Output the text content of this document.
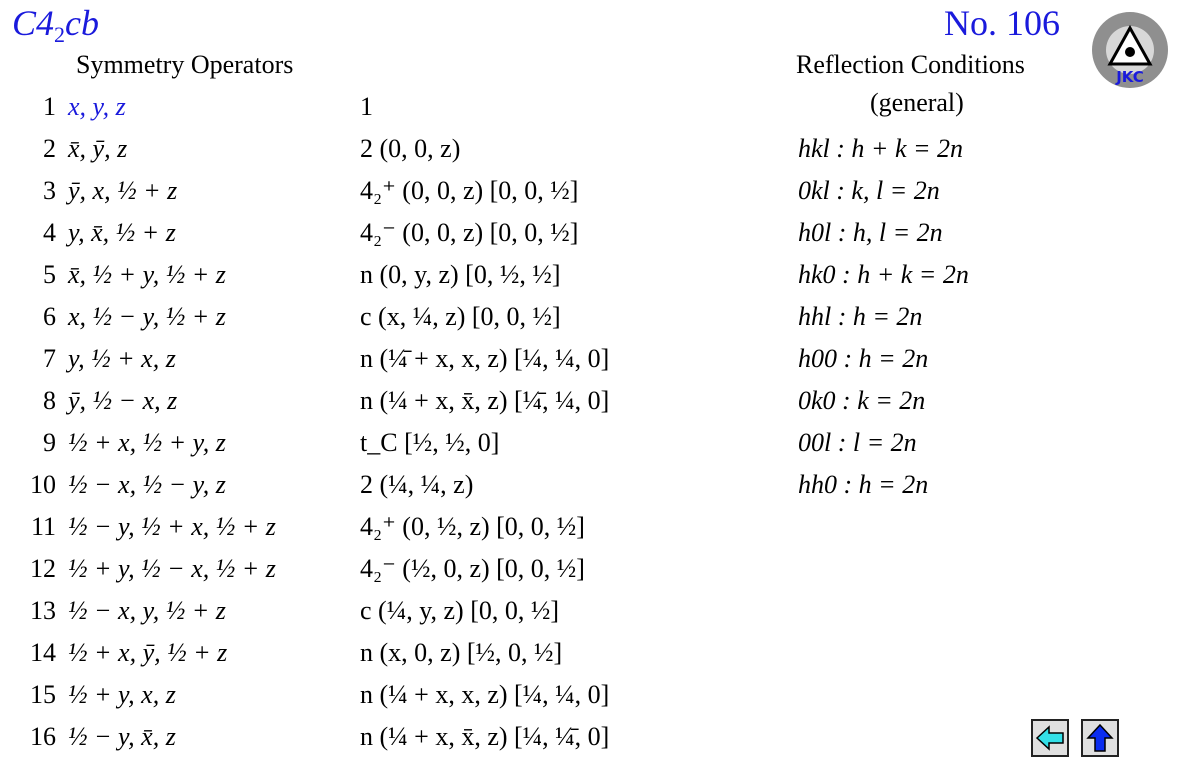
$C4_2cb$	No. 106
JKC
Symmetry Operators	Reflection Conditions
(general)
1 x, y, z	1
2 x̄, ȳ, z	2 (0, 0, z)
3 ȳ, x, ½ + z	4₂⁺ (0, 0, z) [0, 0, ½]
4 y, x̄, ½ + z	4₂⁻ (0, 0, z) [0, 0, ½]
5 x̄, ½ + y, ½ + z	n (0, y, z) [0, ½, ½]
6 x, ½ − y, ½ + z	c (x, ¼, z) [0, 0, ½]
7 y, ½ + x, z	n (¼̄ + x, x, z) [¼, ¼, 0]
8 ȳ, ½ − x, z	n (¼ + x, x̄, z) [¼̄, ¼, 0]
9 ½ + x, ½ + y, z	t_C [½, ½, 0]
10 ½ − x, ½ − y, z	2 (¼, ¼, z)
11 ½ − y, ½ + x, ½ + z	4₂⁺ (0, ½, z) [0, 0, ½]
12 ½ + y, ½ − x, ½ + z	4₂⁻ (½, 0, z) [0, 0, ½]
13 ½ − x, y, ½ + z	c (¼, y, z) [0, 0, ½]
14 ½ + x, ȳ, ½ + z	n (x, 0, z) [½, 0, ½]
15 ½ + y, x, z	n (¼ + x, x, z) [¼, ¼, 0]
16 ½ − y, x̄, z	n (¼ + x, x̄, z) [¼, ¼̄, 0]
hkl : h + k = 2n
0kl : k, l = 2n
h0l : h, l = 2n
hk0 : h + k = 2n
hhl : h = 2n
h00 : h = 2n
0k0 : k = 2n
00l : l = 2n
hh0 : h = 2n
